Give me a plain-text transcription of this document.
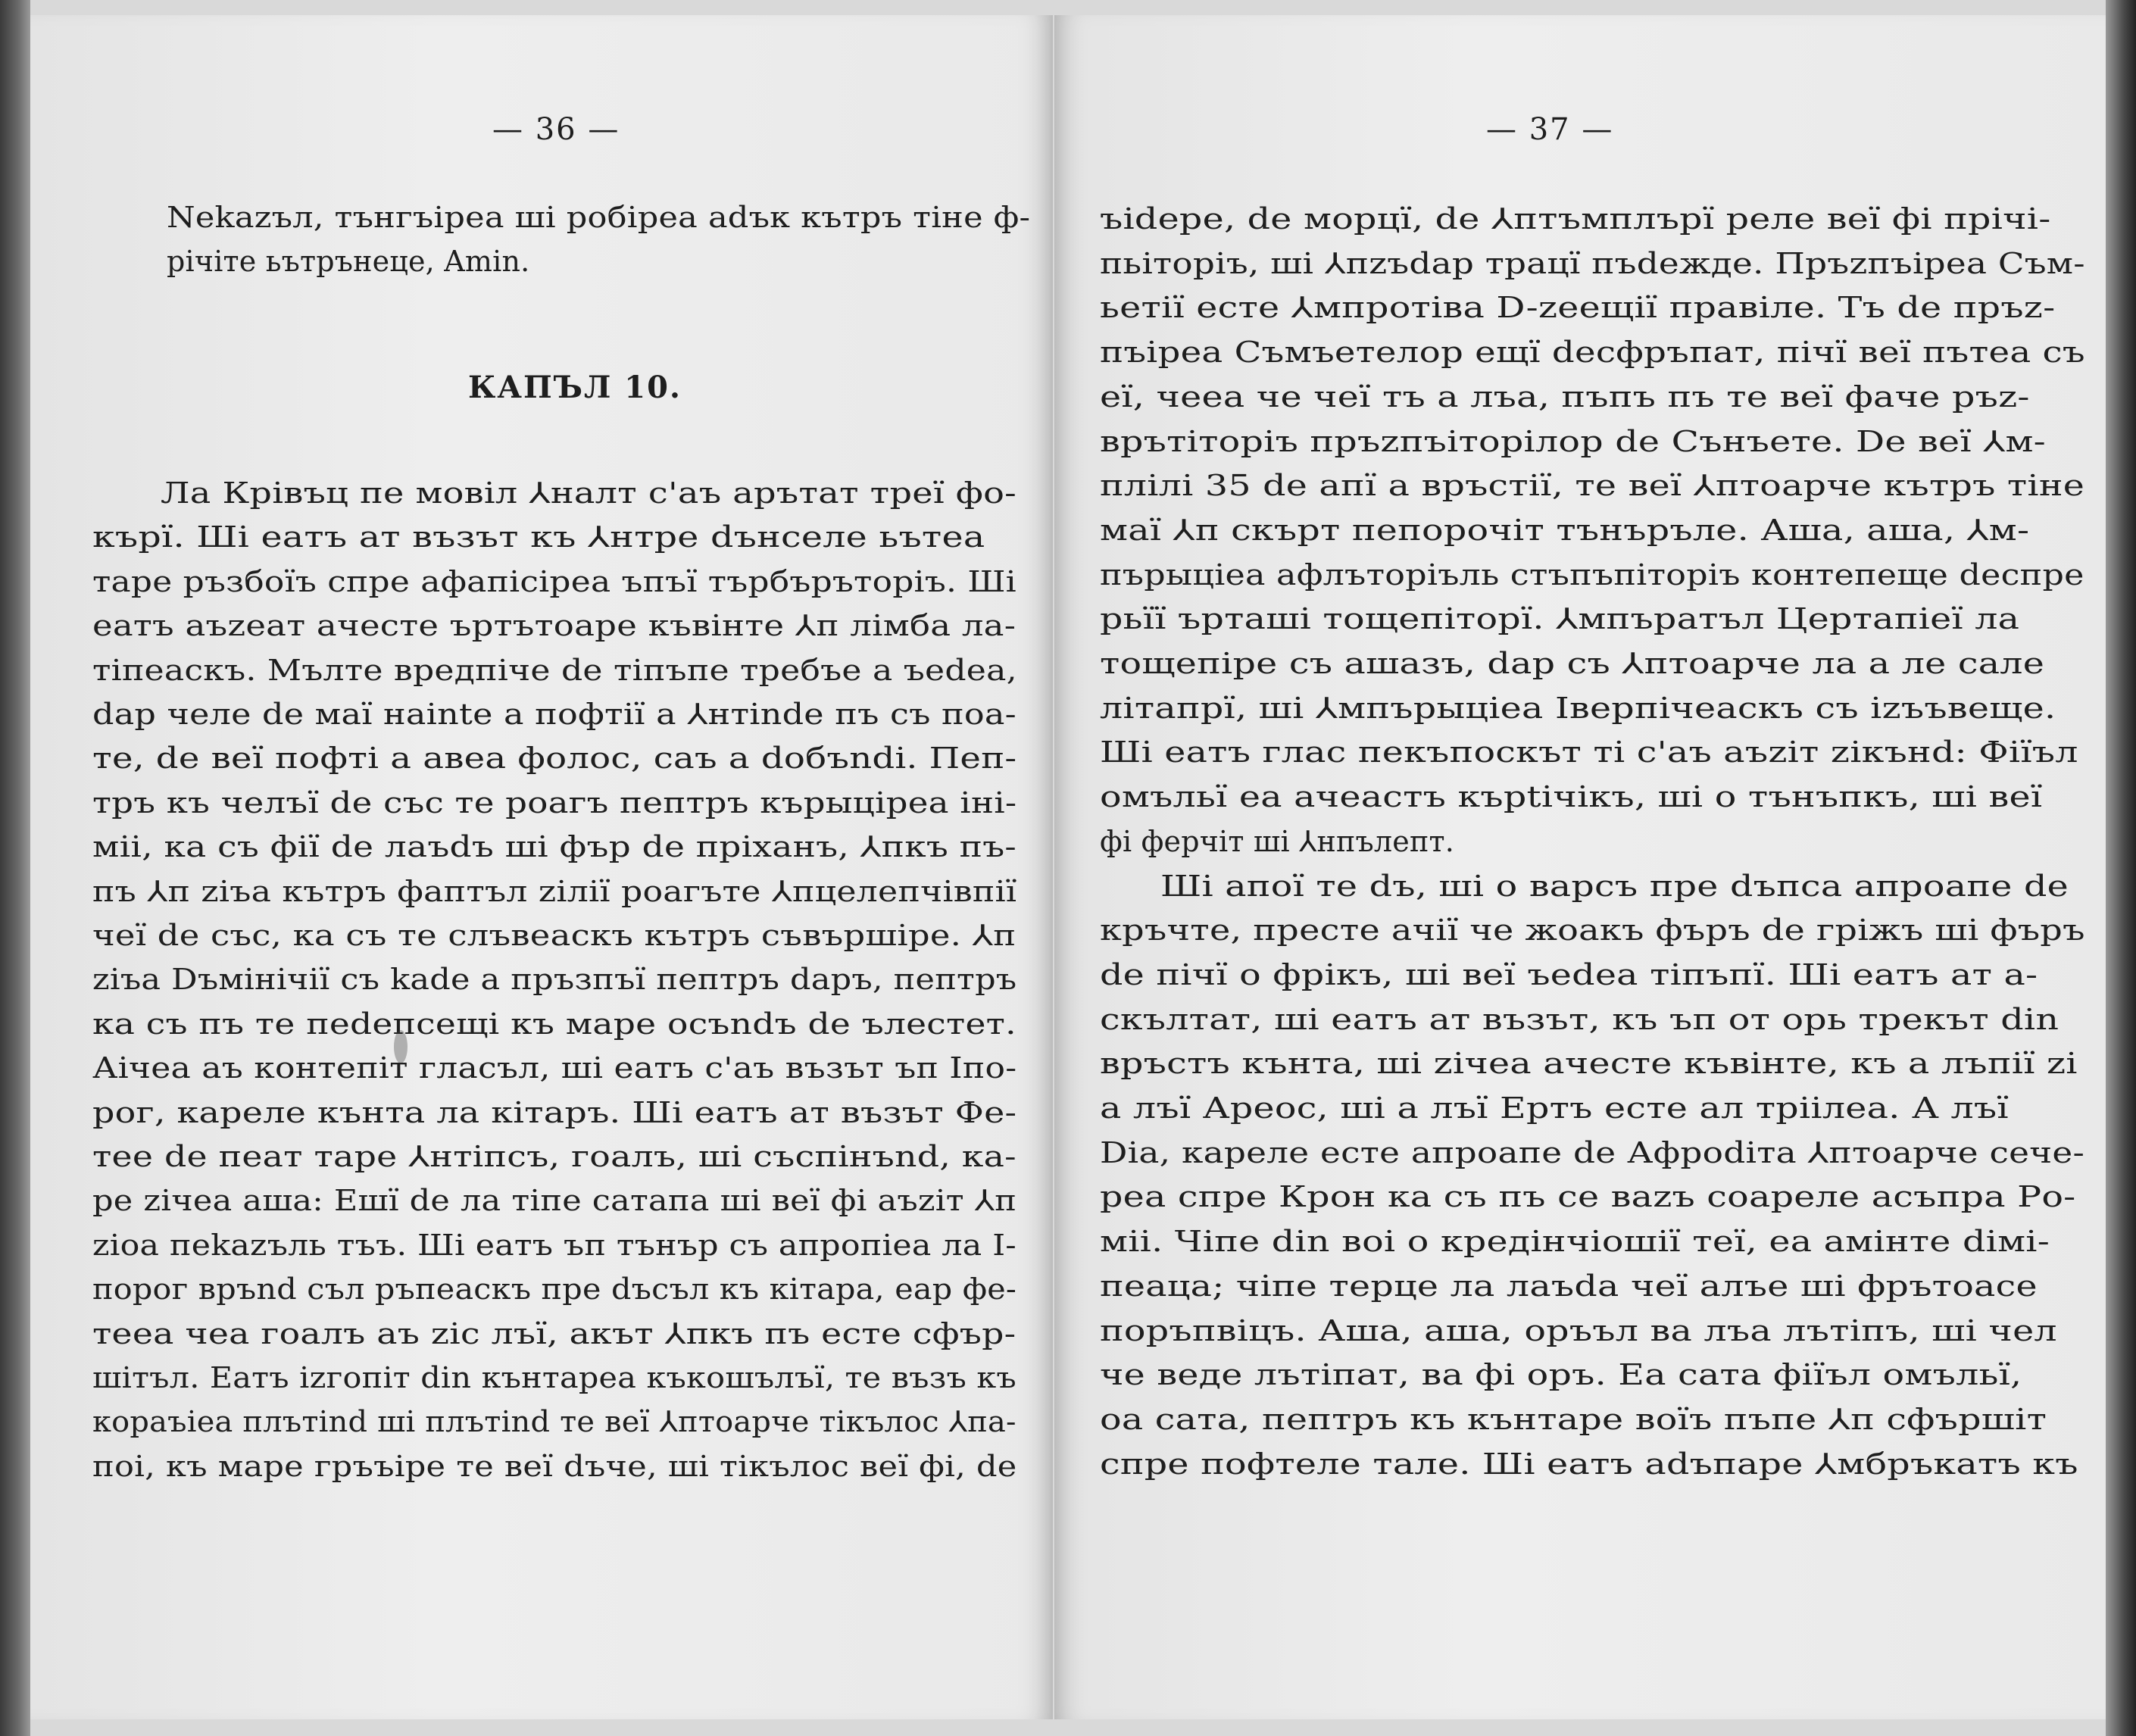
— 36 —
Nеkazъл, тънгъіреа ші робіреа adък кътръ тіне ф-
річіте ьътрънеце, Amin.
КАПЪЛ 10.
Ла Крівъц пе мовіл ⅄налт с'аъ арътат треї фо-
кърї. Ші еатъ ат възът къ ⅄нтре dънселе ьътеа
таре ръзбоїъ спре афапісіреа ъпъї търбърътopiъ. Ші
еатъ аъzеат ачесте ъртътоаре къвінте ⅄п лімба ла-
тіпеаскъ. Мълте вредпіче de тіпъпе требъе а ъedеа,
dар челе de маї нaintе а пофтії а ⅄нтinde пъ съ поа-
те, de веї пофті а авеа фолос, саъ а dобъndi. Пеп-
тръ къ челъї de със те роагъ пептръ кърыціреа іні-
міі, ка съ фії de лаъdъ ші фър de пріханъ, ⅄пкъ пъ-
пъ ⅄п zіъа кътръ фаптъл zілії роагъте ⅄пцелепчівпії
чеї de със, ка съ те слъвеаскъ кътръ съвършіре. ⅄п
zіъа Dъмінічії съ kаde а пръзпъї пептръ dаръ, пептръ
ка съ пъ те пеdепсещі къ маре осъndъ de ълестет.
Аічеа аъ контепіт гласъл, ші еатъ с'аъ възът ъп Іпо-
рог, кареле кънта ла кітаръ. Ші еатъ ат възът Фе-
тее de пеат таре ⅄нтіпсъ, гоалъ, ші съспінъnd, ка-
ре zічеа аша: Ешї de ла тіпе сатапа ші веї фі аъzіт ⅄п
zіоа пеkazъль тъъ. Ші еатъ ъп тънър съ апропіеа ла І-
порог връnd съл ръпеаскъ пре dъсъл къ кітара, еар фе-
теea чеа гоалъ аъ zіс лъї, акът ⅄пкъ пъ есте сфър-
шітъл. Еатъ іzгопіт din кънтареа къкошълъї, те възъ къ
кораъіеа плътind ші плътind те веї ⅄птоарче тікълос ⅄па-
поі, къ маре гръъіре те веї dъче, ші тікълос веї фі, de
— 37 —
ъіdере, de морцї, de ⅄птъмплърї реле веї фі прічі-
пьіторіъ, ші ⅄пzъdар трацї пъdеждe. Пръzпъіреа Съм-
ьетії есте ⅄мпротіва D-zеещії правілe. Тъ de пръz-
пъіреа Съмъетелор ещї dесфръпат, пічї веї пътеа съ
еї, чеeа че чеї тъ а лъа, пъпъ пъ те веї фаче ръz-
врътіторіъ пръzпъіторілор de Сънъете. De веї ⅄м-
плілі 35 de апї а връстії, те веї ⅄птоарче кътръ тіне
маї ⅄п скърт пепорочіт тънъръле. Аша, аша, ⅄м-
пърыціеа афлъторіъль стъпъпіторіъ контепеще dеспре
рьїї ърташі тощепіторї. ⅄мпъратъл Цертапіеї ла
тощепіре съ ашазъ, dар съ ⅄птоарче ла а ле сале
літапрї, ші ⅄мпърыціеа Іверпічеаскъ съ іzъъвеще.
Ші еатъ глас пекъпоскът ті с'аъ аъzіт zікънd: Фіїъл
омъльї еа ачеастъ кърtічікъ, ші о тънъпкъ, ші веї
фі ферчіт ші ⅄нпълепт.
Ші апої те dъ, ші о варсъ пре dъпса апроапе de
кръчте, престе ачії че жоакъ фъръ de гріжъ ші фъръ
de пічї о фрікъ, ші веї ъеdеа тіпъпї. Ші еатъ ат а-
скълтат, ші еатъ ат възът, къ ъп от орь трекът din
връстъ кънта, ші zічеа ачесте къвінте, къ а лъпії zі
а лъї Ареос, ші а лъї Ертъ есте ал тріілea. А лъї
Dіа, кареле есте апроапе de Афроdіта ⅄птоарче сече-
реа спре Крон ка съ пъ се ваzъ соареле асъпра Ро-
міі. Чіпе din воі о кредінчіошії теї, еа амінте dімі-
пеаца; чіпе терце ла лаъdа чеї алъе ші фрътоасе
поръпвіцъ. Аша, аша, оръъл ва лъа лътіпъ, ші чел
че вeдe лътіпат, ва фі оръ. Еа сата фіїъл омъльї,
оа сата, пептръ къ кънтаре воїъ пъпе ⅄п сфършіт
спре пофтеле тале. Ші еатъ аdъпаре ⅄мбръкатъ къ
